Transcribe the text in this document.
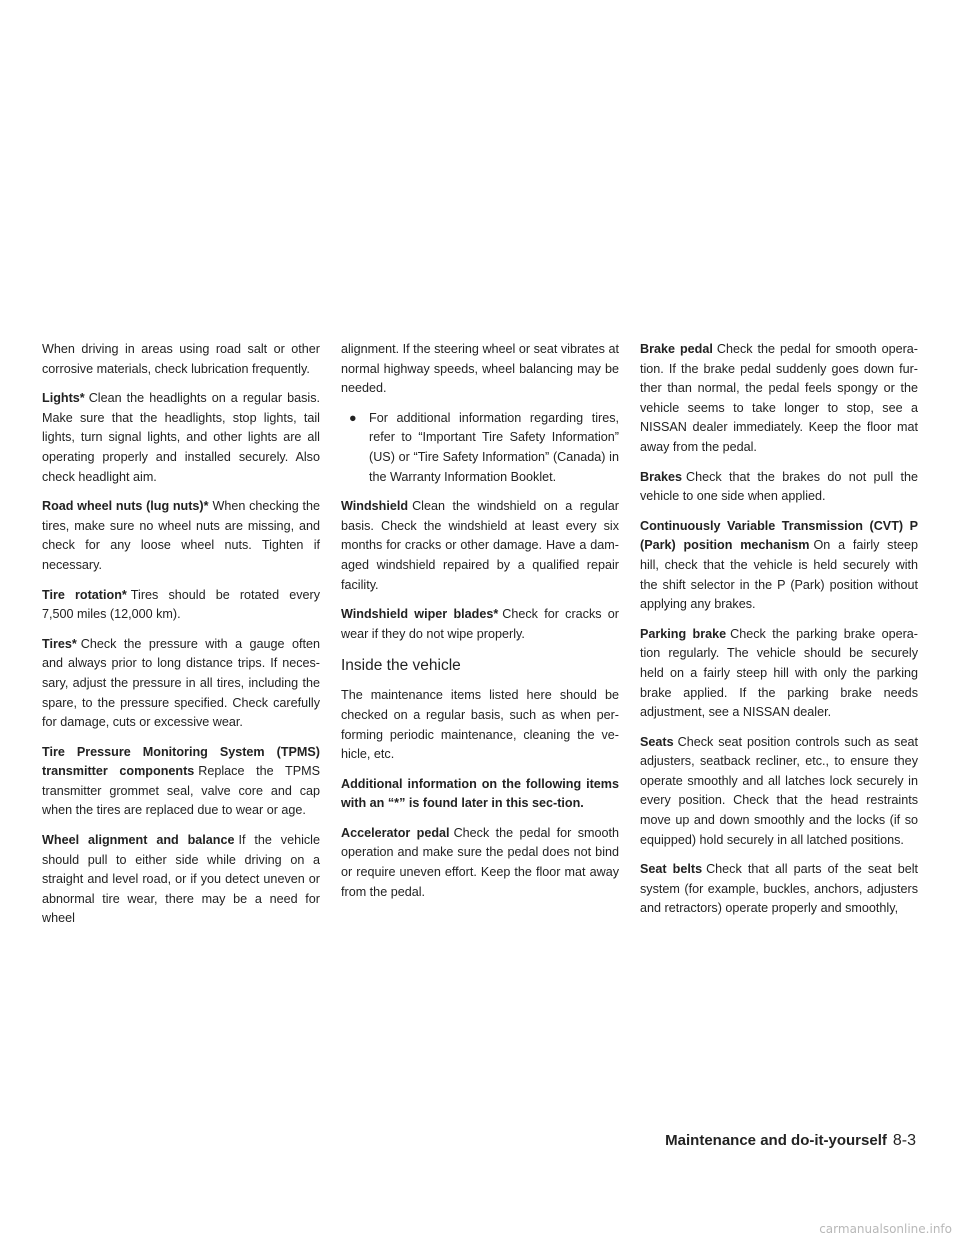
When driving in areas using road salt or other corrosive materials, check lubrication frequently.

Lights* Clean the headlights on a regular basis. Make sure that the headlights, stop lights, tail lights, turn signal lights, and other lights are all operating properly and installed securely. Also check headlight aim.

Road wheel nuts (lug nuts)* When checking the tires, make sure no wheel nuts are missing, and check for any loose wheel nuts. Tighten if necessary.

Tire rotation* Tires should be rotated every 7,500 miles (12,000 km).

Tires* Check the pressure with a gauge often and always prior to long distance trips. If neces-sary, adjust the pressure in all tires, including the spare, to the pressure specified. Check carefully for damage, cuts or excessive wear.

Tire Pressure Monitoring System (TPMS) transmitter components Replace the TPMS transmitter grommet seal, valve core and cap when the tires are replaced due to wear or age.

Wheel alignment and balance If the vehicle should pull to either side while driving on a straight and level road, or if you detect uneven or abnormal tire wear, there may be a need for wheel

alignment. If the steering wheel or seat vibrates at normal highway speeds, wheel balancing may be needed.

● For additional information regarding tires, refer to “Important Tire Safety Information” (US) or “Tire Safety Information” (Canada) in the Warranty Information Booklet.

Windshield Clean the windshield on a regular basis. Check the windshield at least every six months for cracks or other damage. Have a dam-aged windshield repaired by a qualified repair facility.

Windshield wiper blades* Check for cracks or wear if they do not wipe properly.

Inside the vehicle

The maintenance items listed here should be checked on a regular basis, such as when per-forming periodic maintenance, cleaning the ve-hicle, etc.

Additional information on the following items with an “*” is found later in this sec-tion.

Accelerator pedal Check the pedal for smooth operation and make sure the pedal does not bind or require uneven effort. Keep the floor mat away from the pedal.

Brake pedal Check the pedal for smooth opera-tion. If the brake pedal suddenly goes down fur-ther than normal, the pedal feels spongy or the vehicle seems to take longer to stop, see a NISSAN dealer immediately. Keep the floor mat away from the pedal.

Brakes Check that the brakes do not pull the vehicle to one side when applied.

Continuously Variable Transmission (CVT) P (Park) position mechanism On a fairly steep hill, check that the vehicle is held securely with the shift selector in the P (Park) position without applying any brakes.

Parking brake Check the parking brake opera-tion regularly. The vehicle should be securely held on a fairly steep hill with only the parking brake applied. If the parking brake needs adjustment, see a NISSAN dealer.

Seats Check seat position controls such as seat adjusters, seatback recliner, etc., to ensure they operate smoothly and all latches lock securely in every position. Check that the head restraints move up and down smoothly and the locks (if so equipped) hold securely in all latched positions.

Seat belts Check that all parts of the seat belt system (for example, buckles, anchors, adjusters and retractors) operate properly and smoothly,

Maintenance and do-it-yourself 8-3
carmanualsonline.info
